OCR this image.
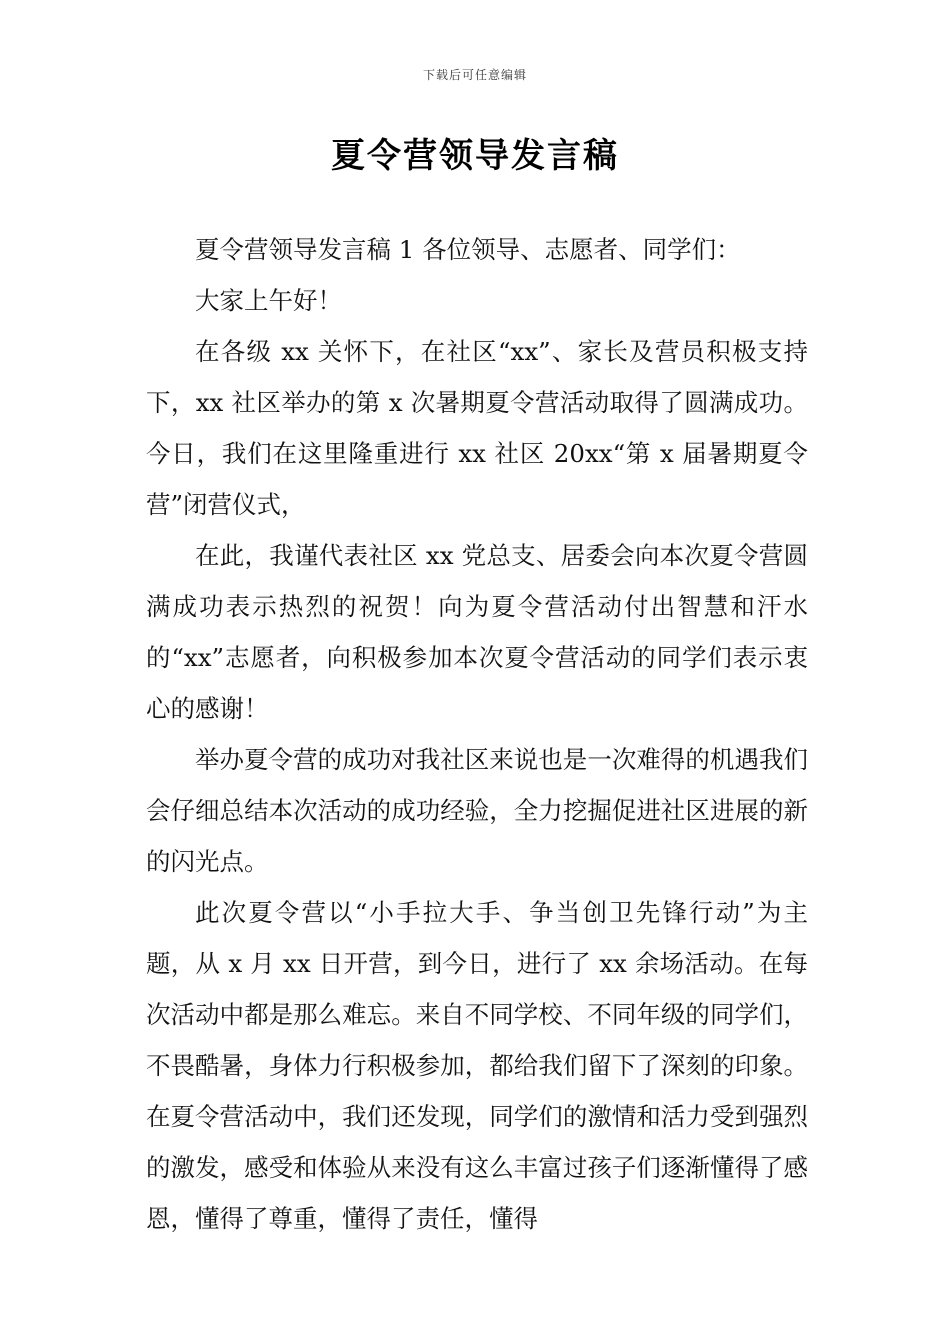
下载后可任意编辑
夏令营领导发言稿

夏令营领导发言稿 1 各位领导、志愿者、同学们：

大家上午好！

在各级 xx 关怀下，在社区“xx”、家长及营员积极支持下，xx 社区举办的第 x 次暑期夏令营活动取得了圆满成功。今日，我们在这里隆重进行 xx 社区 20xx“第 x 届暑期夏令营”闭营仪式，

在此，我谨代表社区 xx 党总支、居委会向本次夏令营圆满成功表示热烈的祝贺！向为夏令营活动付出智慧和汗水的“xx”志愿者，向积极参加本次夏令营活动的同学们表示衷心的感谢！

举办夏令营的成功对我社区来说也是一次难得的机遇我们会仔细总结本次活动的成功经验，全力挖掘促进社区进展的新的闪光点。

此次夏令营以“小手拉大手、争当创卫先锋行动”为主题，从 x 月 xx 日开营，到今日，进行了 xx 余场活动。在每次活动中都是那么难忘。来自不同学校、不同年级的同学们，不畏酷暑，身体力行积极参加，都给我们留下了深刻的印象。在夏令营活动中，我们还发现，同学们的激情和活力受到强烈的激发，感受和体验从来没有这么丰富过孩子们逐渐懂得了感恩，懂得了尊重，懂得了责任，懂得
